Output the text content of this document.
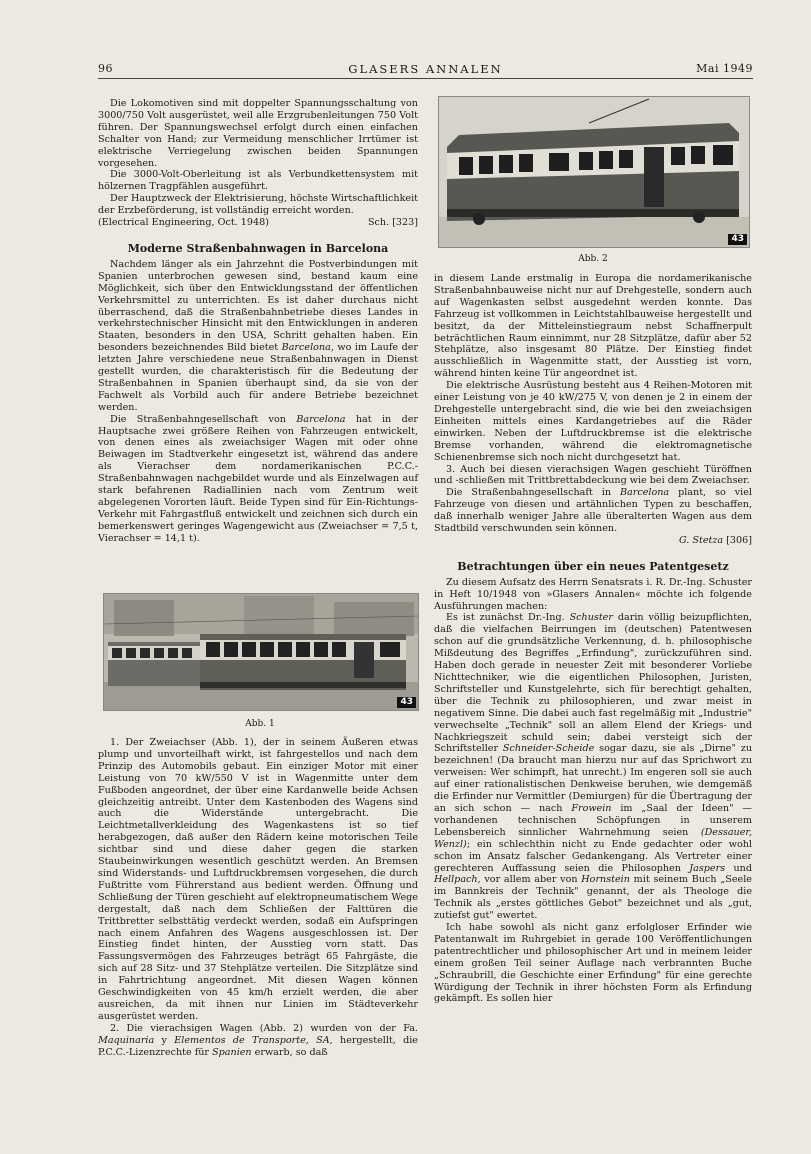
96	GLASERS ANNALEN	Mai 1949

Die Lokomotiven sind mit doppelter Spannungsschaltung von 3000/750 Volt ausgerüstet, weil alle Erzgrubenleitungen 750 Volt führen. Der Spannungswechsel erfolgt durch einen einfachen Schalter von Hand; zur Vermeidung menschlicher Irrtümer ist elektrische Verriegelung zwischen beiden Spannungen vorgesehen.

Die 3000-Volt-Oberleitung ist als Verbundkettensystem mit hölzernen Tragpfählen ausgeführt.

Der Hauptzweck der Elektrisierung, höchste Wirtschaftlichkeit der Erzbeförderung, ist vollständig erreicht worden.

(Electrical Engineering, Oct. 1948)	Sch. [323]
Moderne Straßenbahnwagen in Barcelona

Nachdem länger als ein Jahrzehnt die Postverbindungen mit Spanien unterbrochen gewesen sind, bestand kaum eine Möglichkeit, sich über den Entwicklungsstand der öffentlichen Verkehrsmittel zu unterrichten. Es ist daher durchaus nicht überraschend, daß die Straßenbahnbetriebe dieses Landes in verkehrstechnischer Hinsicht mit den Entwicklungen in anderen Staaten, besonders in den USA, Schritt gehalten haben. Ein besonders bezeichnendes Bild bietet Barcelona, wo im Laufe der letzten Jahre verschiedene neue Straßenbahnwagen in Dienst gestellt wurden, die charakteristisch für die Bedeutung der Straßenbahnen in Spanien überhaupt sind, da sie von der Fachwelt als Vorbild auch für andere Betriebe bezeichnet werden.

Die Straßenbahngesellschaft von Barcelona hat in der Hauptsache zwei größere Reihen von Fahrzeugen entwickelt, von denen eines als zweiachsiger Wagen mit oder ohne Beiwagen im Stadtverkehr eingesetzt ist, während das andere als Vierachser dem nordamerikanischen P.C.C.-Straßenbahnwagen nachgebildet wurde und als Einzelwagen auf stark befahrenen Radiallinien nach vom Zentrum weit abgelegenen Vororten läuft. Beide Typen sind für Ein-Richtungs-Verkehr mit Fahrgastfluß entwickelt und zeichnen sich durch ein bemerkenswert geringes Wagengewicht aus (Zweiachser = 7,5 t, Vierachser = 14,1 t).

43
Abb. 1

1. Der Zweiachser (Abb. 1), der in seinem Äußeren etwas plump und unvorteilhaft wirkt, ist fahrgestellos und nach dem Prinzip des Automobils gebaut. Ein einziger Motor mit einer Leistung von 70 kW/550 V ist in Wagenmitte unter dem Fußboden angeordnet, der über eine Kardanwelle beide Achsen gleichzeitig antreibt. Unter dem Kastenboden des Wagens sind auch die Widerstände untergebracht. Die Leichtmetallverkleidung des Wagenkastens ist so tief herabgezogen, daß außer den Rädern keine motorischen Teile sichtbar sind und diese daher gegen die starken Staubeinwirkungen wesentlich geschützt werden. An Bremsen sind Widerstands- und Luftdruckbremsen vorgesehen, die durch Fußtritte vom Führerstand aus bedient werden. Öffnung und Schließung der Türen geschieht auf elektropneumatischem Wege dergestalt, daß nach dem Schließen der Falttüren die Trittbretter selbsttätig verdeckt werden, sodaß ein Aufspringen nach einem Anfahren des Wagens ausgeschlossen ist. Der Einstieg findet hinten, der Ausstieg vorn statt. Das Fassungsvermögen des Fahrzeuges beträgt 65 Fahrgäste, die sich auf 28 Sitz- und 37 Stehplätze verteilen. Die Sitzplätze sind in Fahrtrichtung angeordnet. Mit diesen Wagen können Geschwindigkeiten von 45 km/h erzielt werden, die aber ausreichen, da mit ihnen nur Linien im Städteverkehr ausgerüstet werden.

2. Die vierachsigen Wagen (Abb. 2) wurden von der Fa. Maquinaria y Elementos de Transporte, SA, hergestellt, die P.C.C.-Lizenzrechte für Spanien erwarb, so daß

43
Abb. 2

in diesem Lande erstmalig in Europa die nordamerikanische Straßenbahnbauweise nicht nur auf Drehgestelle, sondern auch auf Wagenkasten selbst ausgedehnt werden konnte. Das Fahrzeug ist vollkommen in Leichtstahlbauweise hergestellt und besitzt, da der Mitteleinstiegraum nebst Schaffnerpult beträchtlichen Raum einnimmt, nur 28 Sitzplätze, dafür aber 52 Stehplätze, also insgesamt 80 Plätze. Der Einstieg findet ausschließlich in Wagenmitte statt, der Ausstieg ist vorn, während hinten keine Tür angeordnet ist.

Die elektrische Ausrüstung besteht aus 4 Reihen-Motoren mit einer Leistung von je 40 kW/275 V, von denen je 2 in einem der Drehgestelle untergebracht sind, die wie bei den zweiachsigen Einheiten mittels eines Kardangetriebes auf die Räder einwirken. Neben der Luftdruckbremse ist die elektrische Bremse vorhanden, während die elektromagnetische Schienenbremse sich noch nicht durchgesetzt hat.

3. Auch bei diesen vierachsigen Wagen geschieht Türöffnen und -schließen mit Trittbrettabdeckung wie bei dem Zweiachser.

Die Straßenbahngesellschaft in Barcelona plant, so viel Fahrzeuge von diesen und artähnlichen Typen zu beschaffen, daß innerhalb weniger Jahre alle überalterten Wagen aus dem Stadtbild verschwunden sein können.

G. Stetza [306]
Betrachtungen über ein neues Patentgesetz

Zu diesem Aufsatz des Herrn Senatsrats i. R. Dr.-Ing. Schuster in Heft 10/1948 von »Glasers Annalen« möchte ich folgende Ausführungen machen:

Es ist zunächst Dr.-Ing. Schuster darin völlig beizupflichten, daß die vielfachen Beirrungen im (deutschen) Patentwesen schon auf die grundsätzliche Verkennung, d. h. philosophische Mißdeutung des Begriffes „Erfindung", zurückzuführen sind. Haben doch gerade in neuester Zeit mit besonderer Vorliebe Nichttechniker, wie die eigentlichen Philosophen, Juristen, Schriftsteller und Kunstgelehrte, sich für berechtigt gehalten, über die Technik zu philosophieren, und zwar meist in negativem Sinne. Die dabei auch fast regelmäßig mit „Industrie" verwechselte „Technik" soll an allem Elend der Kriegs- und Nachkriegszeit schuld sein; dabei versteigt sich der Schriftsteller Schneider-Scheide sogar dazu, sie als „Dirne" zu bezeichnen! (Da braucht man hierzu nur auf das Sprichwort zu verweisen: Wer schimpft, hat unrecht.) Im engeren soll sie auch auf einer rationalistischen Denkweise beruhen, wie demgemäß die Erfinder nur Vermittler (Demiurgen) für die Übertragung der an sich schon — nach Frowein im „Saal der Ideen" — vorhandenen technischen Schöpfungen in unserem Lebensbereich sinnlicher Wahrnehmung seien (Dessauer, Wenzl); ein schlechthin nicht zu Ende gedachter oder wohl schon im Ansatz falscher Gedankengang. Als Vertreter einer gerechteren Auffassung seien die Philosophen Jaspers und Hellpach, vor allem aber von Hornstein mit seinem Buch „Seele im Bannkreis der Technik" genannt, der als Theologe die Technik als „erstes göttliches Gebot" bezeichnet und als „gut, zutiefst gut" ewertet.

Ich habe sowohl als nicht ganz erfolgloser Erfinder wie Patentanwalt im Ruhrgebiet in gerade 100 Veröffentlichungen patentrechtlicher und philosophischer Art und in meinem leider einem großen Teil seiner Auflage nach verbrannten Buche „Schraubrill, die Geschichte einer Erfindung" für eine gerechte Würdigung der Technik in ihrer höchsten Form als Erfindung gekämpft. Es sollen hier
